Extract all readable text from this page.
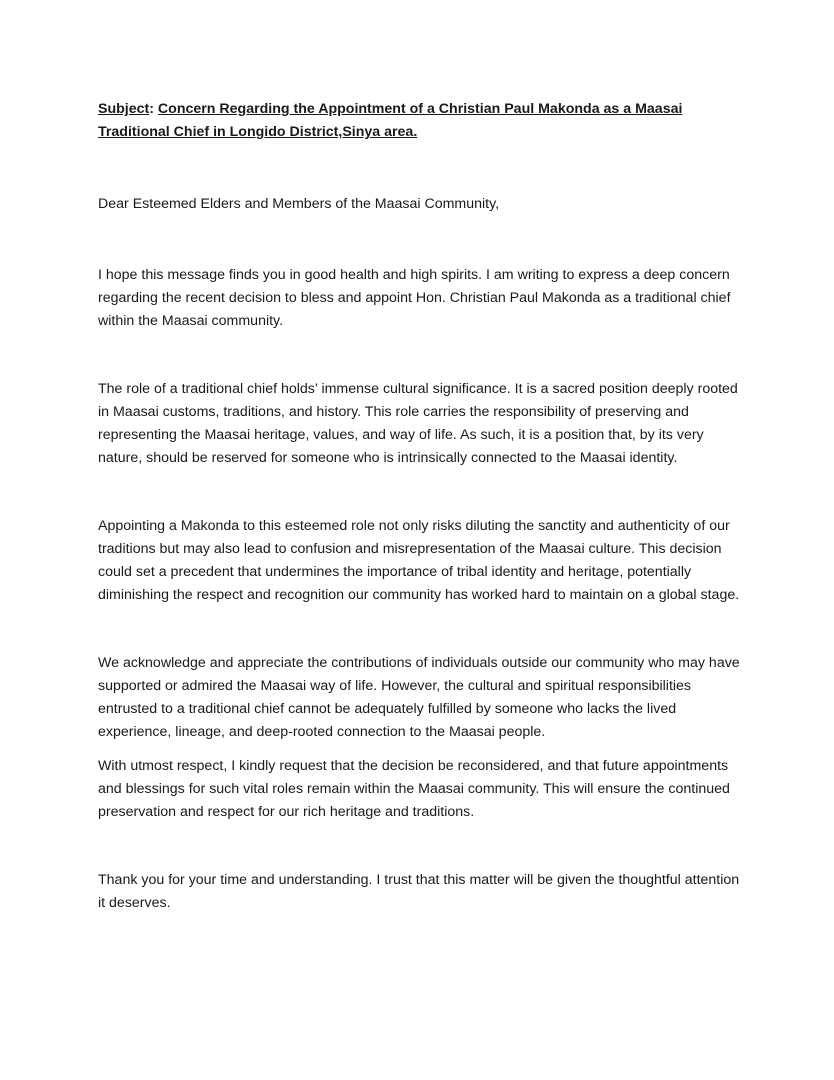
Subject: Concern Regarding the Appointment of a Christian Paul Makonda as a Maasai Traditional Chief in Longido District,Sinya area.

Dear Esteemed Elders and Members of the Maasai Community,

I hope this message finds you in good health and high spirits. I am writing to express a deep concern regarding the recent decision to bless and appoint Hon. Christian Paul Makonda as a traditional chief within the Maasai community.

The role of a traditional chief holds’ immense cultural significance. It is a sacred position deeply rooted in Maasai customs, traditions, and history. This role carries the responsibility of preserving and representing the Maasai heritage, values, and way of life. As such, it is a position that, by its very nature, should be reserved for someone who is intrinsically connected to the Maasai identity.

Appointing a Makonda to this esteemed role not only risks diluting the sanctity and authenticity of our traditions but may also lead to confusion and misrepresentation of the Maasai culture. This decision could set a precedent that undermines the importance of tribal identity and heritage, potentially diminishing the respect and recognition our community has worked hard to maintain on a global stage.

We acknowledge and appreciate the contributions of individuals outside our community who may have supported or admired the Maasai way of life. However, the cultural and spiritual responsibilities entrusted to a traditional chief cannot be adequately fulfilled by someone who lacks the lived experience, lineage, and deep-rooted connection to the Maasai people.

With utmost respect, I kindly request that the decision be reconsidered, and that future appointments and blessings for such vital roles remain within the Maasai community. This will ensure the continued preservation and respect for our rich heritage and traditions.

Thank you for your time and understanding. I trust that this matter will be given the thoughtful attention it deserves.
